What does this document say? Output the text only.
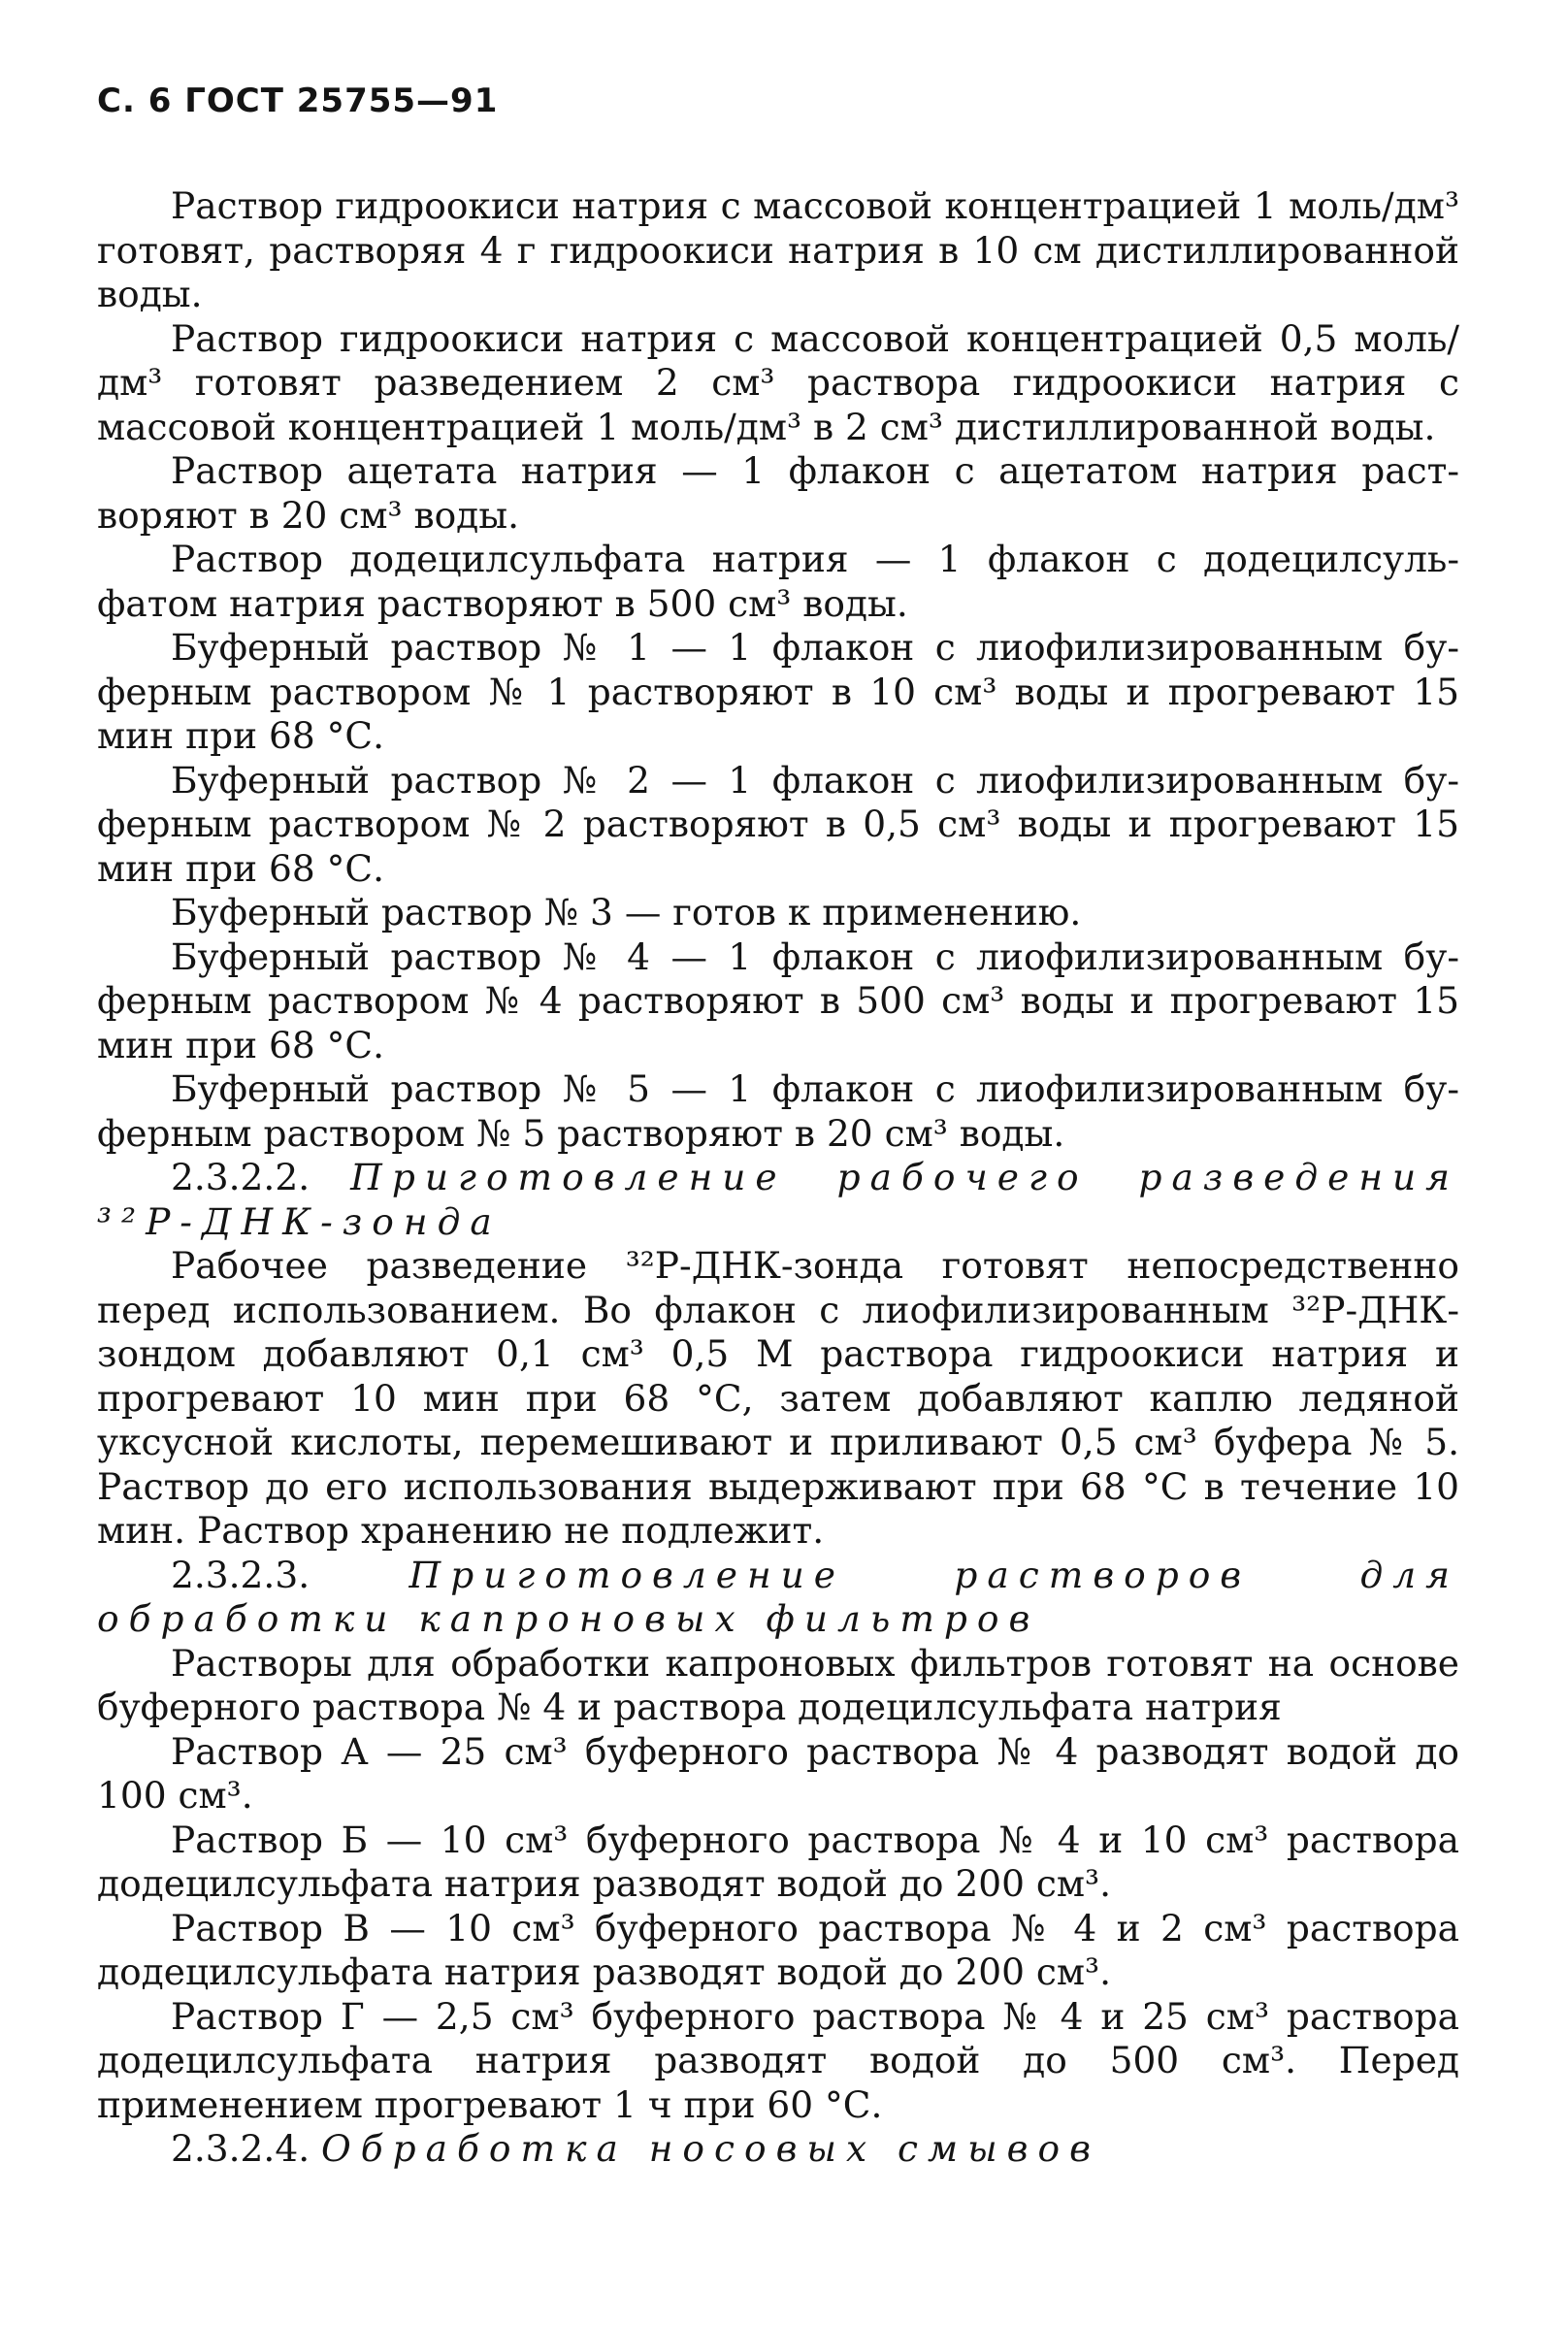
С. 6 ГОСТ 25755—91

Раствор гидроокиси натрия с массовой концентрацией 1 моль/дм³ готовят, растворяя 4 г гидроокиси натрия в 10 см дистиллированной воды.

Раствор гидроокиси натрия с массовой концентрацией 0,5 моль/дм³ готовят разведением 2 см³ раствора гидроокиси натрия с массовой концентрацией 1 моль/дм³ в 2 см³ дистиллированной воды.

Раствор ацетата натрия — 1 флакон с ацетатом натрия растворяют в 20 см³ воды.

Раствор додецилсульфата натрия — 1 флакон с додецилсульфатом натрия растворяют в 500 см³ воды.

Буферный раствор № 1 — 1 флакон с лиофилизированным буферным раствором № 1 растворяют в 10 см³ воды и прогревают 15 мин при 68 °С.

Буферный раствор № 2 — 1 флакон с лиофилизированным буферным раствором № 2 растворяют в 0,5 см³ воды и прогревают 15 мин при 68 °С.

Буферный раствор № 3 — готов к применению.

Буферный раствор № 4 — 1 флакон с лиофилизированным буферным раствором № 4 растворяют в 500 см³ воды и прогревают 15 мин при 68 °С.

Буферный раствор № 5 — 1 флакон с лиофилизированным буферным раствором № 5 растворяют в 20 см³ воды.

2.3.2.2. Приготовление рабочего разведения ³²Р-ДНК-зонда

Рабочее разведение ³²Р-ДНК-зонда готовят непосредственно перед использованием. Во флакон с лиофилизированным ³²Р-ДНК-зондом добавляют 0,1 см³ 0,5 М раствора гидроокиси натрия и прогревают 10 мин при 68 °С, затем добавляют каплю ледяной уксусной кислоты, перемешивают и приливают 0,5 см³ буфера № 5. Раствор до его использования выдерживают при 68 °С в течение 10 мин. Раствор хранению не подлежит.

2.3.2.3.	Приготовление растворов для обработки капроновых фильтров

Растворы для обработки капроновых фильтров готовят на основе буферного раствора № 4 и раствора додецилсульфата натрия

Раствор А — 25 см³ буферного раствора № 4 разводят водой до 100 см³.

Раствор Б — 10 см³ буферного раствора № 4 и 10 см³ раствора додецилсульфата натрия разводят водой до 200 см³.

Раствор В — 10 см³ буферного раствора № 4 и 2 см³ раствора додецилсульфата натрия разводят водой до 200 см³.

Раствор Г — 2,5 см³ буферного раствора № 4 и 25 см³ раствора додецилсульфата натрия разводят водой до 500 см³. Перед применением прогревают 1 ч при 60 °С.

2.3.2.4. Обработка носовых смывов
